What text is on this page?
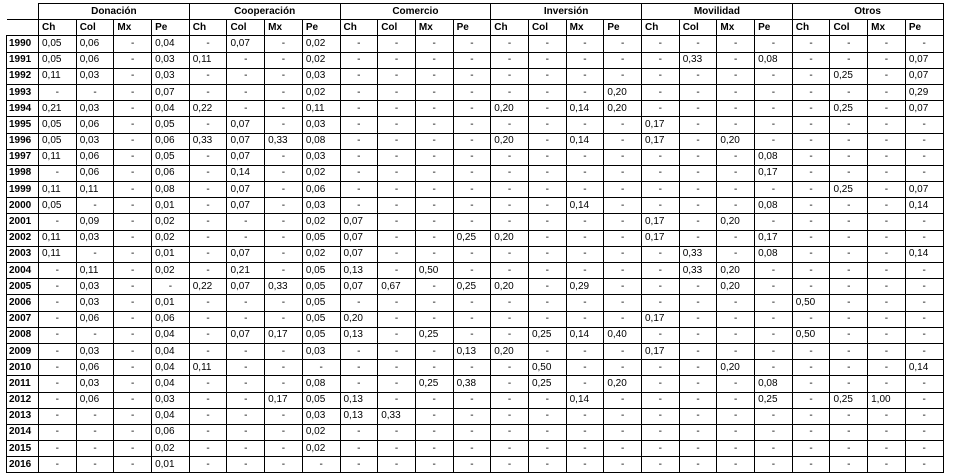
	Donación				Cooperación				Comercio				Inversión				Movilidad				Otros			
	Ch	Col	Mx	Pe	Ch	Col	Mx	Pe	Ch	Col	Mx	Pe	Ch	Col	Mx	Pe	Ch	Col	Mx	Pe	Ch	Col	Mx	Pe
1990	0,05	0,06	-	0,04	-	0,07	-	0,02	-	-	-	-	-	-	-	-	-	-	-	-	-	-	-	-
1991	0,05	0,06	-	0,03	0,11	-	-	0,02	-	-	-	-	-	-	-	-	-	0,33	-	0,08	-	-	-	0,07
1992	0,11	0,03	-	0,03	-	-	-	0,03	-	-	-	-	-	-	-	-	-	-	-	-	-	0,25	-	0,07
1993	-	-	-	0,07	-	-	-	0,02	-	-	-	-	-	-	-	0,20	-	-	-	-	-	-	-	0,29
1994	0,21	0,03	-	0,04	0,22	-	-	0,11	-	-	-	-	0,20	-	0,14	0,20	-	-	-	-	-	0,25	-	0,07
1995	0,05	0,06	-	0,05	-	0,07	-	0,03	-	-	-	-	-	-	-	-	0,17	-	-	-	-	-	-	-
1996	0,05	0,03	-	0,06	0,33	0,07	0,33	0,08	-	-	-	-	0,20	-	0,14	-	0,17	-	0,20	-	-	-	-	-
1997	0,11	0,06	-	0,05	-	0,07	-	0,03	-	-	-	-	-	-	-	-	-	-	-	0,08	-	-	-	-
1998	-	0,06	-	0,06	-	0,14	-	0,02	-	-	-	-	-	-	-	-	-	-	-	0,17	-	-	-	-
1999	0,11	0,11	-	0,08	-	0,07	-	0,06	-	-	-	-	-	-	-	-	-	-	-	-	-	0,25	-	0,07
2000	0,05	-	-	0,01	-	0,07	-	0,03	-	-	-	-	-	-	0,14	-	-	-	-	0,08	-	-	-	0,14
2001	-	0,09	-	0,02	-	-	-	0,02	0,07	-	-	-	-	-	-	-	0,17	-	0,20	-	-	-	-	-
2002	0,11	0,03	-	0,02	-	-	-	0,05	0,07	-	-	0,25	0,20	-	-	-	0,17	-	-	0,17	-	-	-	-
2003	0,11	-	-	0,01	-	0,07	-	0,02	0,07	-	-	-	-	-	-	-	-	0,33	-	0,08	-	-	-	0,14
2004	-	0,11	-	0,02	-	0,21	-	0,05	0,13	-	0,50	-	-	-	-	-	-	0,33	0,20	-	-	-	-	-
2005	-	0,03	-	-	0,22	0,07	0,33	0,05	0,07	0,67	-	0,25	0,20	-	0,29	-	-	-	0,20	-	-	-	-	-
2006	-	0,03	-	0,01	-	-	-	0,05	-	-	-	-	-	-	-	-	-	-	-	-	0,50	-	-	-
2007	-	0,06	-	0,06	-	-	-	0,05	0,20	-	-	-	-	-	-	-	0,17	-	-	-	-	-	-	-
2008	-	-	-	0,04	-	0,07	0,17	0,05	0,13	-	0,25	-	-	0,25	0,14	0,40	-	-	-	-	0,50	-	-	-
2009	-	0,03	-	0,04	-	-	-	0,03	-	-	-	0,13	0,20	-	-	-	0,17	-	-	-	-	-	-	-
2010	-	0,06	-	0,04	0,11	-	-	-	-	-	-	-	-	0,50	-	-	-	-	0,20	-	-	-	-	0,14
2011	-	0,03	-	0,04	-	-	-	0,08	-	-	0,25	0,38	-	0,25	-	0,20	-	-	-	0,08	-	-	-	-
2012	-	0,06	-	0,03	-	-	0,17	0,05	0,13	-	-	-	-	-	0,14	-	-	-	-	0,25	-	0,25	1,00	-
2013	-	-	-	0,04	-	-	-	0,03	0,13	0,33	-	-	-	-	-	-	-	-	-	-	-	-	-	-
2014	-	-	-	0,06	-	-	-	0,02	-	-	-	-	-	-	-	-	-	-	-	-	-	-	-	-
2015	-	-	-	0,02	-	-	-	0,02	-	-	-	-	-	-	-	-	-	-	-	-	-	-	-	-
2016	-	-	-	0,01	-	-	-	-	-	-	-	-	-	-	-	-	-	-	-	-	-	-	-	-
